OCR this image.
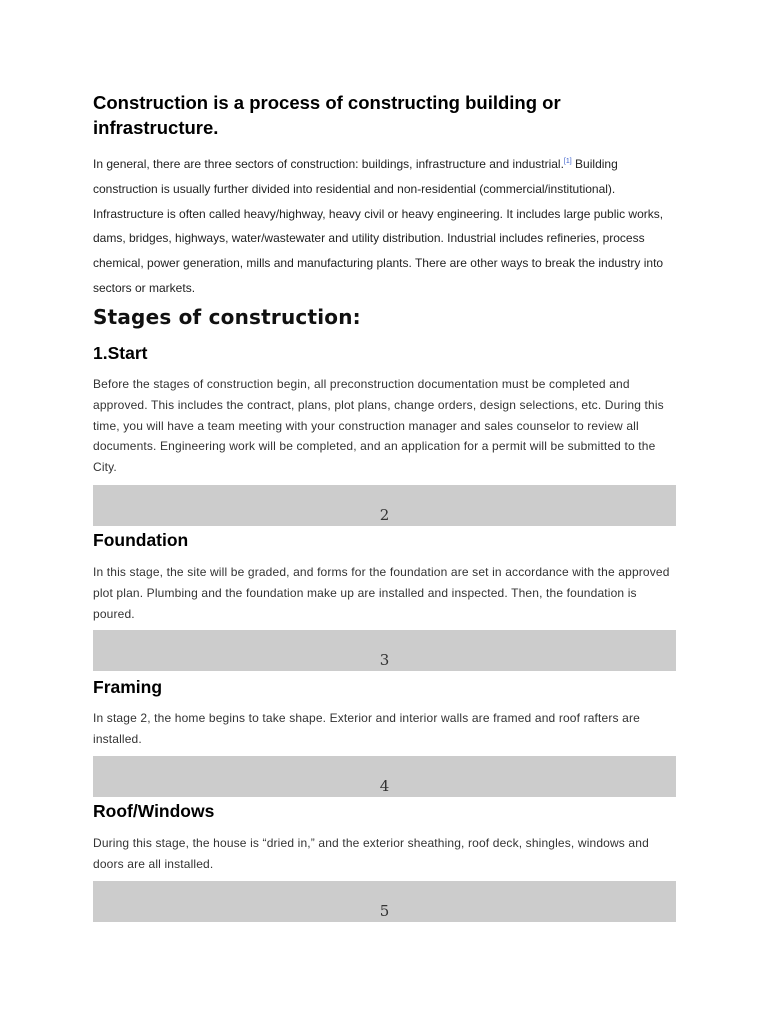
Construction is a process of constructing building or infrastructure.

In general, there are three sectors of construction: buildings, infrastructure and industrial.[1] Building construction is usually further divided into residential and non-residential (commercial/institutional). Infrastructure is often called heavy/highway, heavy civil or heavy engineering. It includes large public works, dams, bridges, highways, water/wastewater and utility distribution. Industrial includes refineries, process chemical, power generation, mills and manufacturing plants. There are other ways to break the industry into sectors or markets.

Stages of construction:
1.Start

Before the stages of construction begin, all preconstruction documentation must be completed and approved. This includes the contract, plans, plot plans, change orders, design selections, etc. During this time, you will have a team meeting with your construction manager and sales counselor to review all documents. Engineering work will be completed, and an application for a permit will be submitted to the City.

2
Foundation

In this stage, the site will be graded, and forms for the foundation are set in accordance with the approved plot plan. Plumbing and the foundation make up are installed and inspected. Then, the foundation is poured.

3
Framing

In stage 2, the home begins to take shape. Exterior and interior walls are framed and roof rafters are installed.

4
Roof/Windows

During this stage, the house is “dried in,” and the exterior sheathing, roof deck, shingles, windows and doors are all installed.

5
